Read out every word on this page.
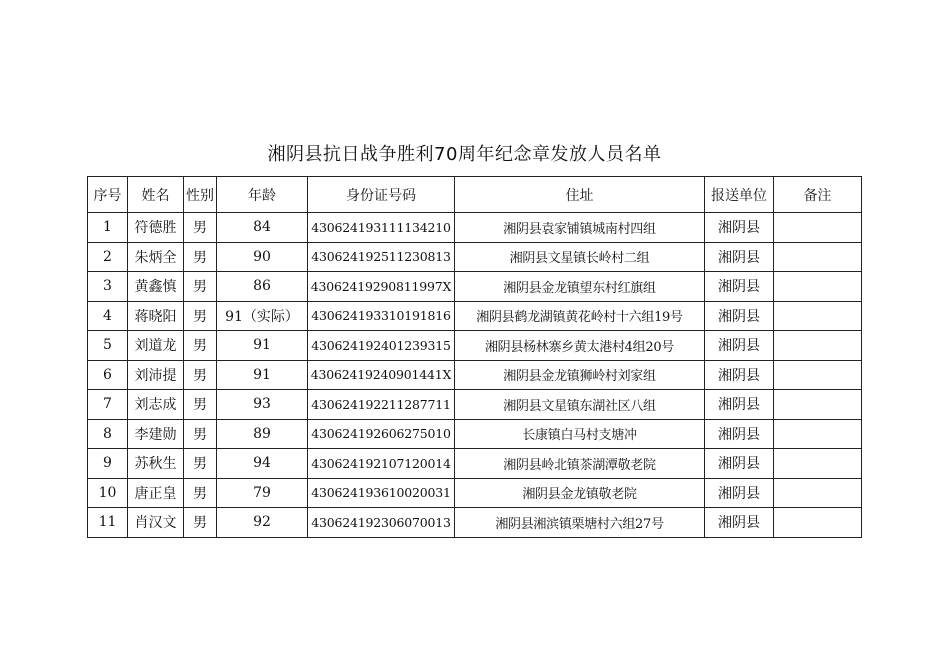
湘阴县抗日战争胜利70周年纪念章发放人员名单
序号	姓名	性别	年龄	身份证号码	住址	报送单位	备注
1	符德胜	男	84	430624193111134210	湘阴县袁家铺镇城南村四组	湘阴县	
2	朱炳全	男	90	430624192511230813	湘阴县文星镇长岭村二组	湘阴县	
3	黄鑫慎	男	86	43062419290811997X	湘阴县金龙镇望东村红旗组	湘阴县	
4	蒋晓阳	男	91（实际）	430624193310191816	湘阴县鹤龙湖镇黄花岭村十六组19号	湘阴县	
5	刘道龙	男	91	430624192401239315	湘阴县杨林寨乡黄太港村4组20号	湘阴县	
6	刘沛提	男	91	43062419240901441X	湘阴县金龙镇狮岭村刘家组	湘阴县	
7	刘志成	男	93	430624192211287711	湘阴县文星镇东湖社区八组	湘阴县	
8	李建勋	男	89	430624192606275010	长康镇白马村支塘冲	湘阴县	
9	苏秋生	男	94	430624192107120014	湘阴县岭北镇茶湖潭敬老院	湘阴县	
10	唐正皇	男	79	430624193610020031	湘阴县金龙镇敬老院	湘阴县	
11	肖汉文	男	92	430624192306070013	湘阴县湘滨镇栗塘村六组27号	湘阴县	
